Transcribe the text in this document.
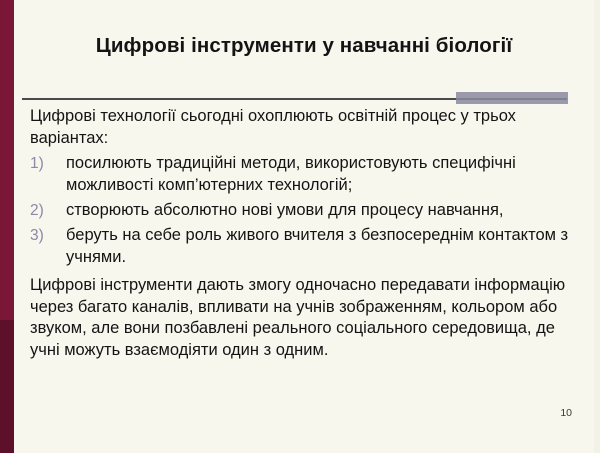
Цифрові інструменти у навчанні біології

Цифрові технології сьогодні охоплюють освітній процес у трьох варіантах:

1)	посилюють традиційні методи, використовують специфічні можливості комп’ютерних технологій;
2)	створюють абсолютно нові умови для процесу навчання,
3)	беруть на себе роль живого вчителя з безпосереднім контактом з учнями.

Цифрові інструменти дають змогу одночасно передавати інформацію через багато каналів, впливати на учнів зображенням, кольором або звуком, але вони позбавлені реального соціального середовища, де учні можуть взаємодіяти один з одним.

10
